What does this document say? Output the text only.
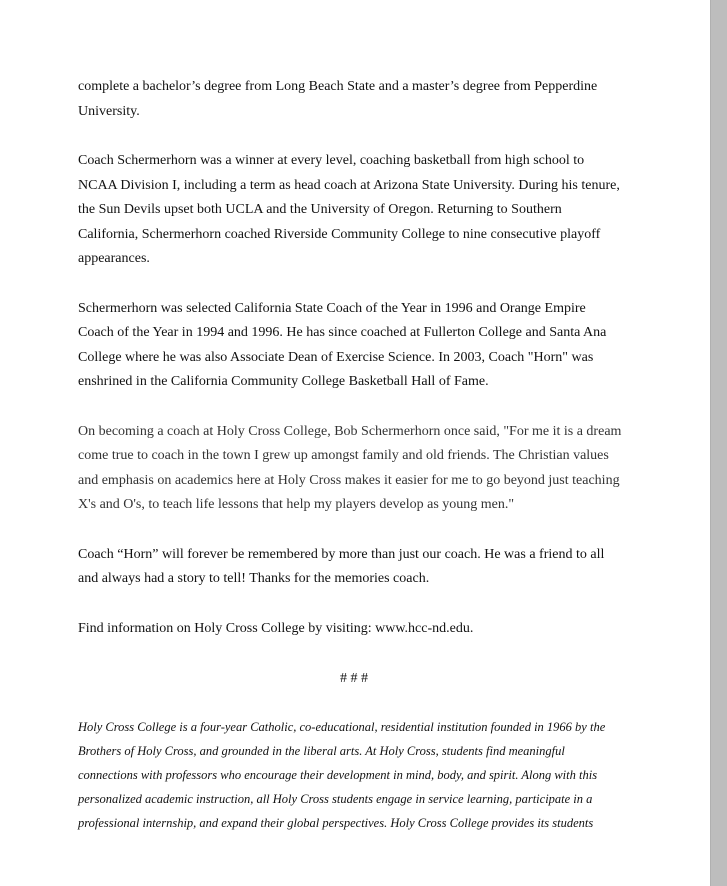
complete a bachelor’s degree from Long Beach State and a master’s degree from Pepperdine
University.

Coach Schermerhorn was a winner at every level, coaching basketball from high school to
NCAA Division I, including a term as head coach at Arizona State University. During his tenure,
the Sun Devils upset both UCLA and the University of Oregon. Returning to Southern
California, Schermerhorn coached Riverside Community College to nine consecutive playoff
appearances.

Schermerhorn was selected California State Coach of the Year in 1996 and Orange Empire
Coach of the Year in 1994 and 1996. He has since coached at Fullerton College and Santa Ana
College where he was also Associate Dean of Exercise Science. In 2003, Coach "Horn" was
enshrined in the California Community College Basketball Hall of Fame.

On becoming a coach at Holy Cross College, Bob Schermerhorn once said, "For me it is a dream
come true to coach in the town I grew up amongst family and old friends. The Christian values
and emphasis on academics here at Holy Cross makes it easier for me to go beyond just teaching
X's and O's, to teach life lessons that help my players develop as young men."

Coach “Horn” will forever be remembered by more than just our coach. He was a friend to all
and always had a story to tell! Thanks for the memories coach.

Find information on Holy Cross College by visiting: www.hcc-nd.edu.

# # #

Holy Cross College is a four-year Catholic, co-educational, residential institution founded in 1966 by the
Brothers of Holy Cross, and grounded in the liberal arts. At Holy Cross, students find meaningful
connections with professors who encourage their development in mind, body, and spirit. Along with this
personalized academic instruction, all Holy Cross students engage in service learning, participate in a
professional internship, and expand their global perspectives. Holy Cross College provides its students
